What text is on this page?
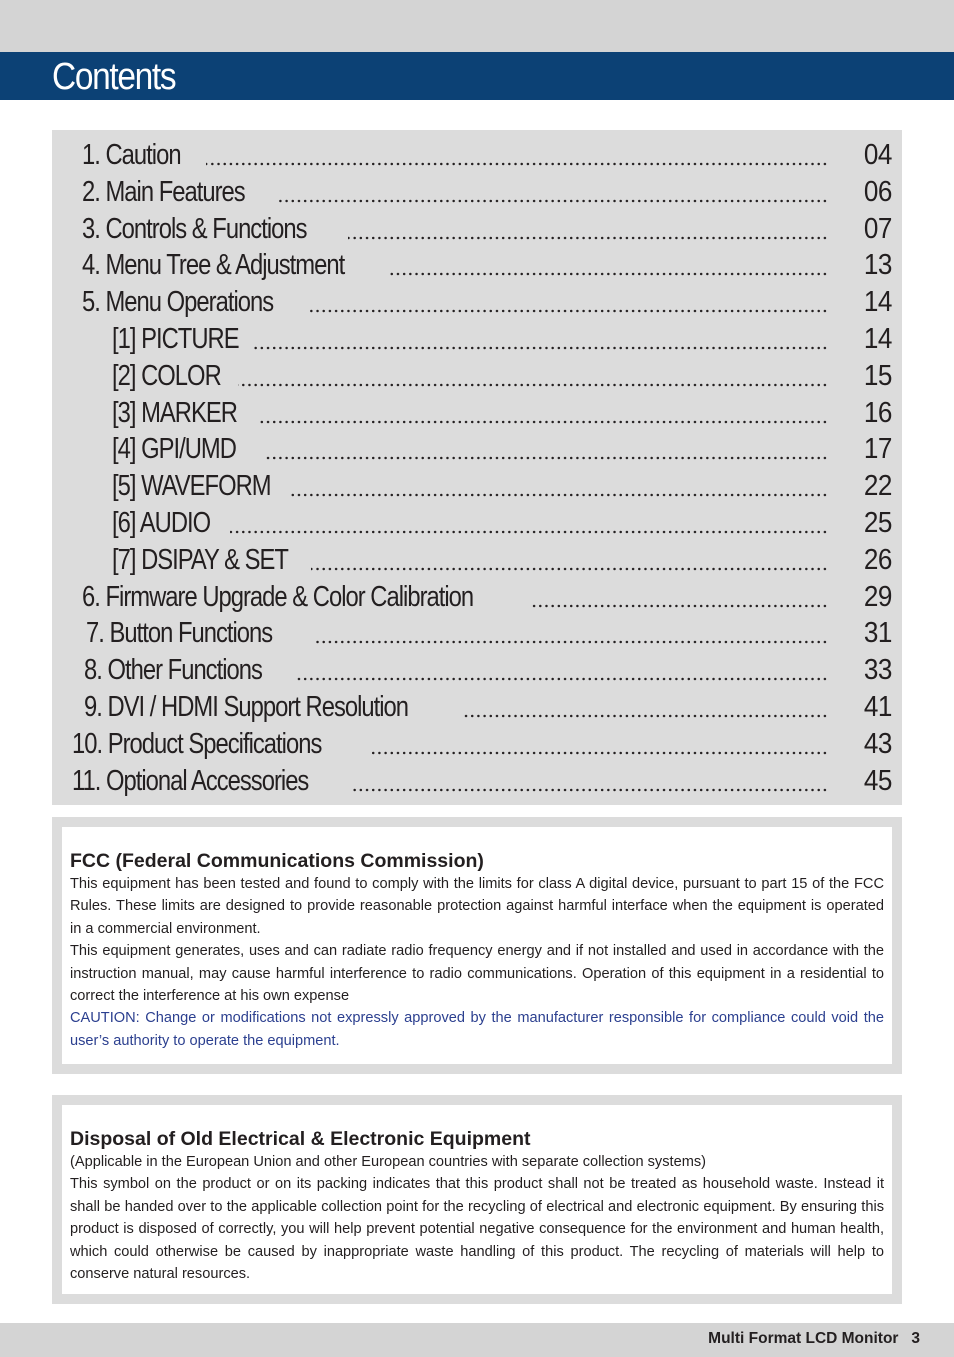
Contents
1. Caution	04
2. Main Features	06
3. Controls & Functions	07
4. Menu Tree & Adjustment	13
5. Menu Operations	14
[1] PICTURE	14
[2] COLOR	15
[3] MARKER	16
[4] GPI/UMD	17
[5] WAVEFORM	22
[6] AUDIO	25
[7] DSIPAY & SET	26
6. Firmware Upgrade & Color Calibration	29
7. Button Functions	31
8. Other Functions	33
9. DVI / HDMI Support Resolution	41
10. Product Specifications	43
11. Optional Accessories	45
FCC (Federal Communications Commission)

This equipment has been tested and found to comply with the limits for class A digital device, pursuant to part 15 of the FCC Rules. These limits are designed to provide reasonable protection against harmful interface when the equipment is operated in a commercial environment.

This equipment generates, uses and can radiate radio frequency energy and if not installed and used in accordance with the instruction manual, may cause harmful interference to radio communications. Operation of this equipment in a residential to correct the interference at his own expense

CAUTION: Change or modifications not expressly approved by the manufacturer responsible for compliance could void the user’s authority to operate the equipment.

Disposal of Old Electrical & Electronic Equipment

(Applicable in the European Union and other European countries with separate collection systems)

This symbol on the product or on its packing indicates that this product shall not be treated as household waste. Instead it shall be handed over to the applicable collection point for the recycling of electrical and electronic equipment. By ensuring this product is disposed of correctly, you will help prevent potential negative consequence for the environment and human health, which could otherwise be caused by inappropriate waste handling of this product. The recycling of materials will help to conserve natural resources.

Multi Format LCD Monitor   3
